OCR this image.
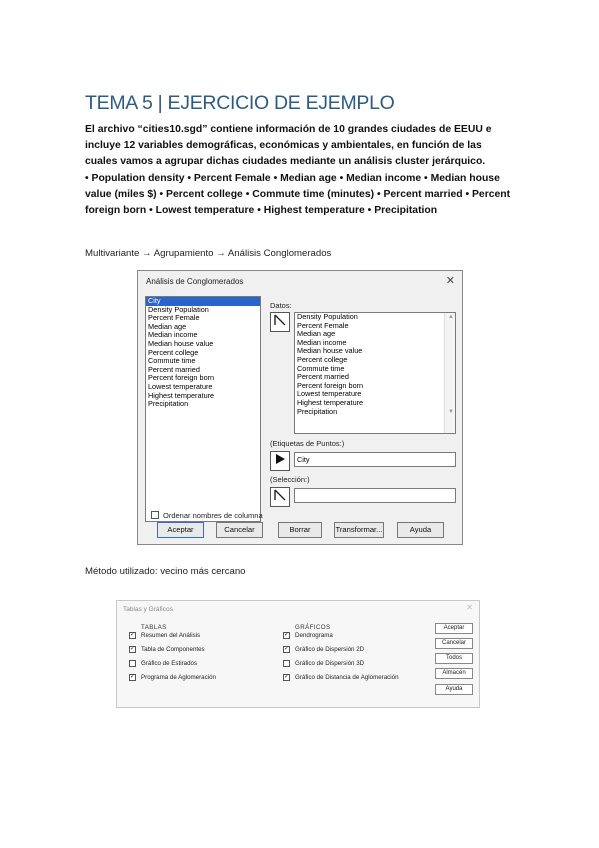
TEMA 5 | EJERCICIO DE EJEMPLO
El archivo “cities10.sgd” contiene información de 10 grandes ciudades de EEUU e incluye 12 variables demográficas, económicas y ambientales, en función de las cuales vamos a agrupar dichas ciudades mediante un análisis cluster jerárquico.
• Population density • Percent Female • Median age • Median income • Median house value (miles $) • Percent college • Commute time (minutes) • Percent married • Percent foreign born • Lowest temperature • Highest temperature • Precipitation
Multivariante → Agrupamiento → Análisis Conglomerados
Análisis de Conglomerados	✕
City
Density Population
Percent Female
Median age
Median income
Median house value
Percent college
Commute time
Percent married
Percent foreign born
Lowest temperature
Highest temperature
Precipitation
Datos:
Density Population
Percent Female
Median age
Median income
Median house value
Percent college
Commute time
Percent married
Percent foreign born
Lowest temperature
Highest temperature
Precipitation
▲

▼
(Etiquetas de Puntos:)
City
(Selección:)
Ordenar nombres de columna
Aceptar	Cancelar	Borrar	Transformar...	Ayuda
Método utilizado: vecino más cercano
Tablas y Gráficos	✕
TABLAS	GRÁFICOS
✓ Resumen del Análisis
✓ Tabla de Componentes
Gráfico de Estirados
✓ Programa de Aglomeración
✓ Dendrograma
✓ Gráfico de Dispersión 2D
Gráfico de Dispersión 3D
✓ Gráfico de Distancia de Aglomeración
Aceptar
Cancelar
Todos
Almacén
Ayuda
